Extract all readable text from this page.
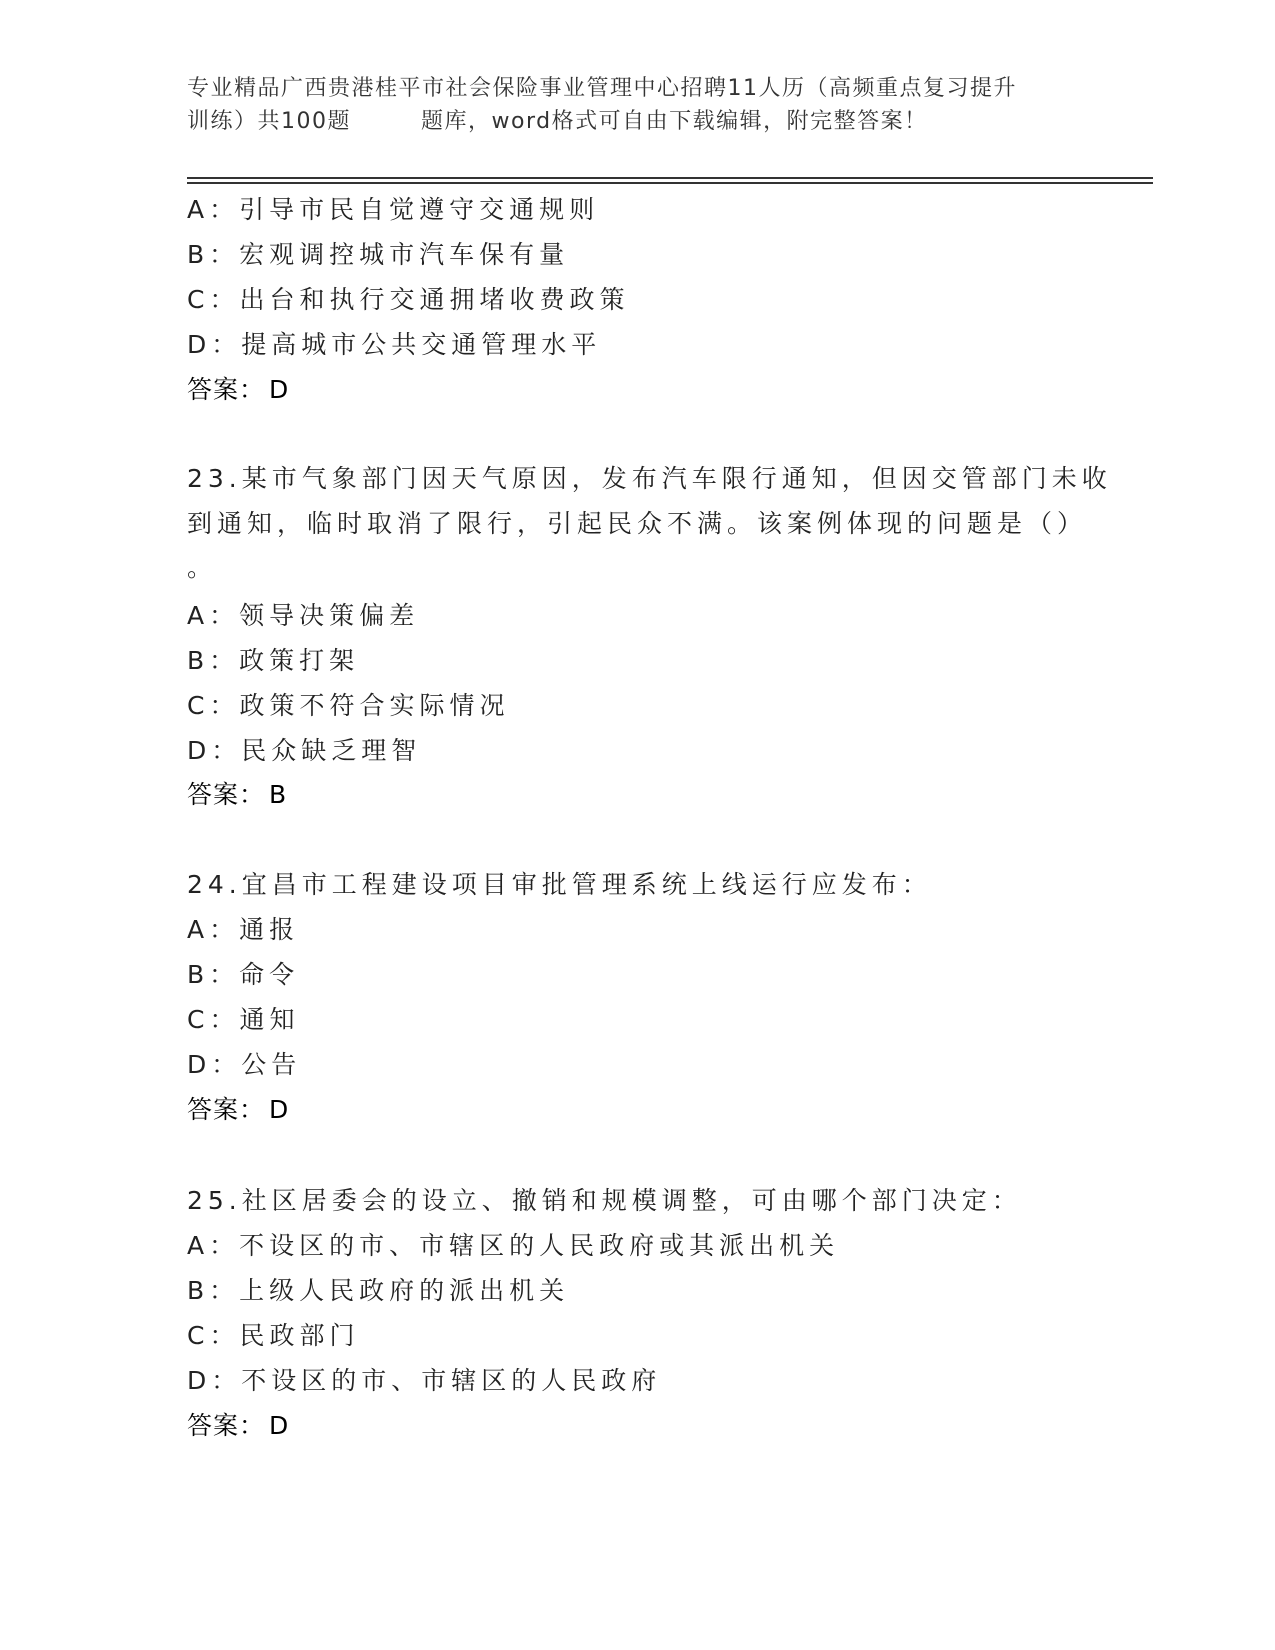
专业精品广西贵港桂平市社会保险事业管理中心招聘11人历（高频重点复习提升
训练）共100题	题库，word格式可自由下载编辑，附完整答案！
A：引导市民自觉遵守交通规则
B：宏观调控城市汽车保有量
C：出台和执行交通拥堵收费政策
D：提高城市公共交通管理水平
答案： D
23.某市气象部门因天气原因，发布汽车限行通知，但因交管部门未收
到通知，临时取消了限行，引起民众不满。该案例体现的问题是（）
。
A：领导决策偏差
B：政策打架
C：政策不符合实际情况
D：民众缺乏理智
答案： B
24.宜昌市工程建设项目审批管理系统上线运行应发布：
A：通报
B：命令
C：通知
D：公告
答案： D
25.社区居委会的设立、撤销和规模调整，可由哪个部门决定：
A：不设区的市、市辖区的人民政府或其派出机关
B：上级人民政府的派出机关
C：民政部门
D：不设区的市、市辖区的人民政府
答案： D
